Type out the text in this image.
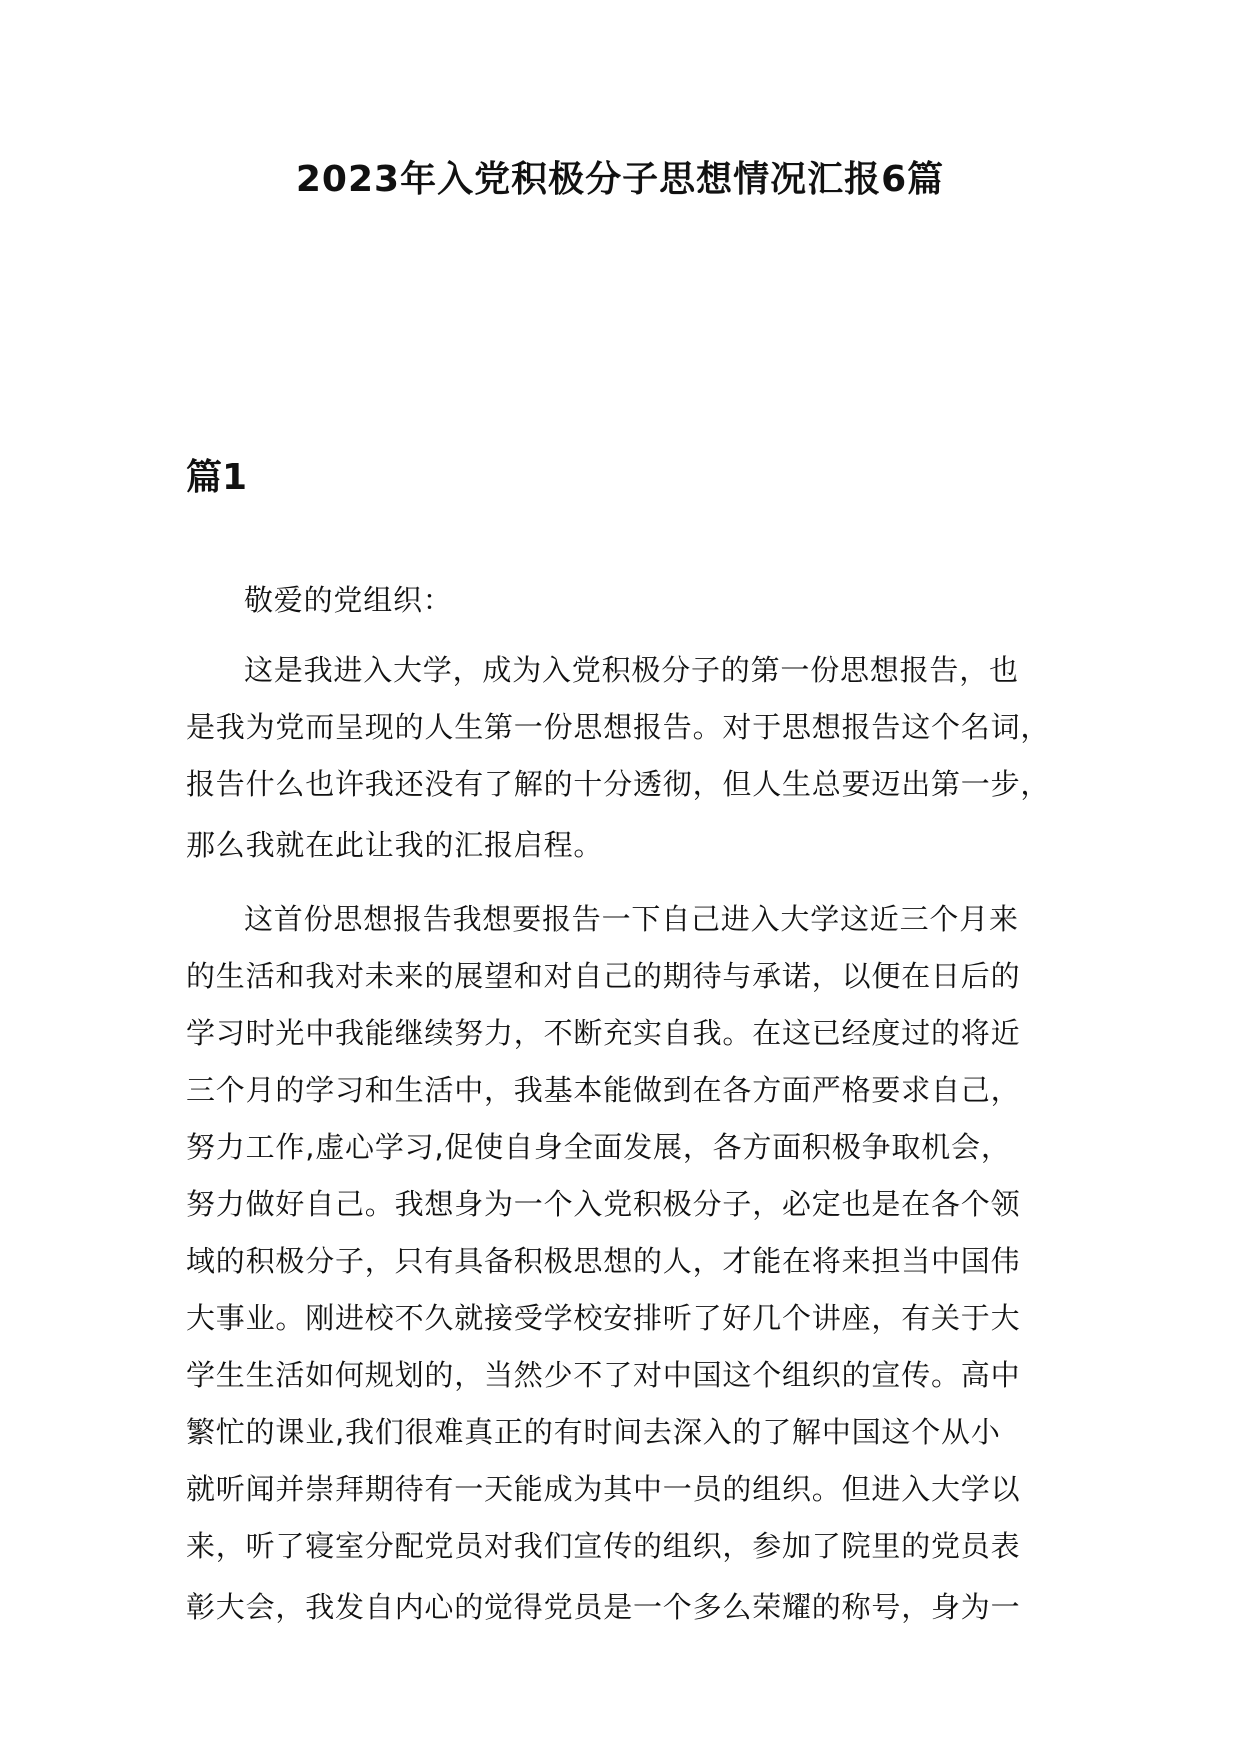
2023年入党积极分子思想情况汇报6篇
篇1

敬爱的党组织：

这是我进入大学，成为入党积极分子的第一份思想报告，也

是我为党而呈现的人生第一份思想报告。对于思想报告这个名词，

报告什么也许我还没有了解的十分透彻，但人生总要迈出第一步，

那么我就在此让我的汇报启程。

这首份思想报告我想要报告一下自己进入大学这近三个月来

的生活和我对未来的展望和对自己的期待与承诺，以便在日后的

学习时光中我能继续努力，不断充实自我。在这已经度过的将近

三个月的学习和生活中，我基本能做到在各方面严格要求自己，

努力工作,虚心学习,促使自身全面发展，各方面积极争取机会，

努力做好自己。我想身为一个入党积极分子，必定也是在各个领

域的积极分子，只有具备积极思想的人，才能在将来担当中国伟

大事业。刚进校不久就接受学校安排听了好几个讲座，有关于大

学生生活如何规划的，当然少不了对中国这个组织的宣传。高中

繁忙的课业,我们很难真正的有时间去深入的了解中国这个从小

就听闻并崇拜期待有一天能成为其中一员的组织。但进入大学以

来，听了寝室分配党员对我们宣传的组织，参加了院里的党员表

彰大会，我发自内心的觉得党员是一个多么荣耀的称号，身为一
